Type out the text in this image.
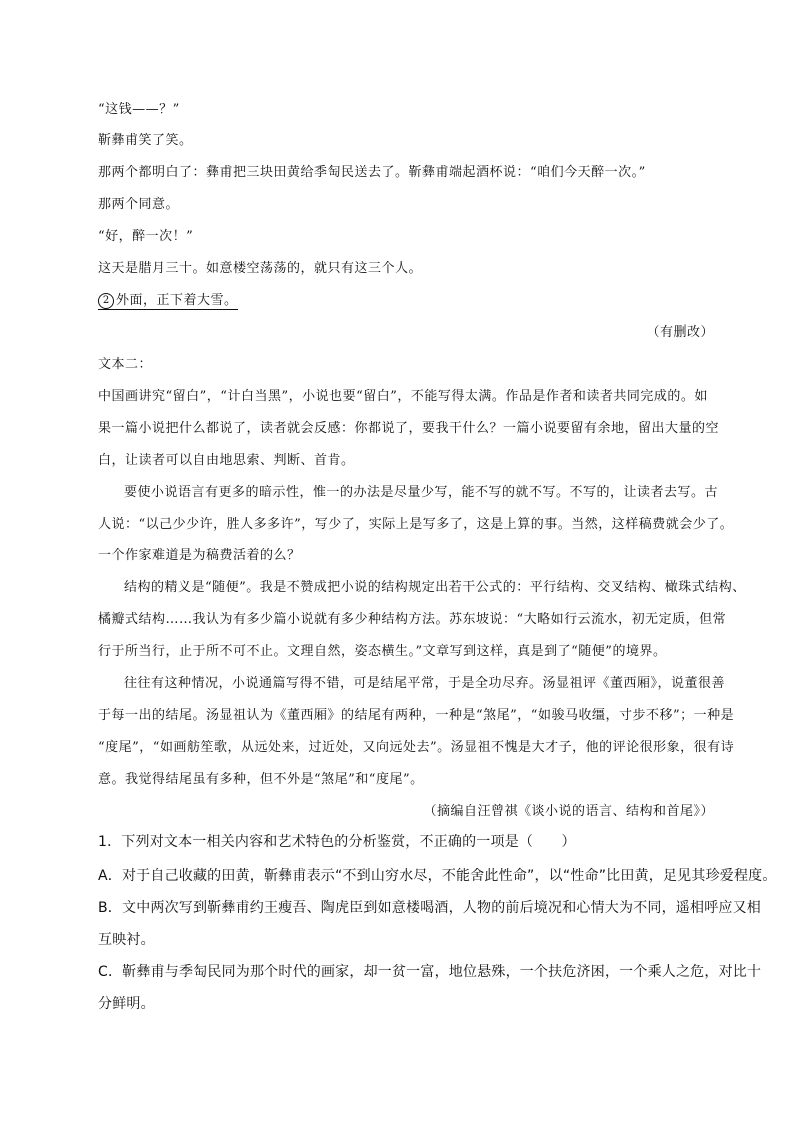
“这钱——？”
靳彝甫笑了笑。
那两个都明白了：彝甫把三块田黄给季匋民送去了。靳彝甫端起酒杯说：“咱们今天醉一次。”
那两个同意。
“好，醉一次！”
这天是腊月三十。如意楼空荡荡的，就只有这三个人。
2 外面，正下着大雪。
（有删改）
文本二：
中国画讲究“留白”，“计白当黑”，小说也要“留白”，不能写得太满。作品是作者和读者共同完成的。如
果一篇小说把什么都说了，读者就会反感：你都说了，要我干什么？一篇小说要留有余地，留出大量的空
白，让读者可以自由地思索、判断、首肯。
要使小说语言有更多的暗示性，惟一的办法是尽量少写，能不写的就不写。不写的，让读者去写。古
人说：“以己少少许，胜人多多许”，写少了，实际上是写多了，这是上算的事。当然，这样稿费就会少了。
一个作家难道是为稿费活着的么？
结构的精义是“随便”。我是不赞成把小说的结构规定出若干公式的：平行结构、交叉结构、橄珠式结构、
橘瓣式结构……我认为有多少篇小说就有多少种结构方法。苏东坡说：“大略如行云流水，初无定质，但常
行于所当行，止于所不可不止。文理自然，姿态横生。”文章写到这样，真是到了“随便”的境界。
往往有这种情况，小说通篇写得不错，可是结尾平常，于是全功尽弃。汤显祖评《董西厢》，说董很善
于每一出的结尾。汤显祖认为《董西厢》的结尾有两种，一种是“煞尾”，“如骏马收缰，寸步不移”；一种是
“度尾”，“如画舫笙歌，从远处来，过近处，又向远处去”。汤显祖不愧是大才子，他的评论很形象，很有诗
意。我觉得结尾虽有多种，但不外是“煞尾”和“度尾”。
（摘编自汪曾祺《谈小说的语言、结构和首尾》）
1．下列对文本一相关内容和艺术特色的分析鉴赏，不正确的一项是（　　）
A．对于自己收藏的田黄，靳彝甫表示“不到山穷水尽，不能舍此性命”，以“性命”比田黄，足见其珍爱程度。
B．文中两次写到靳彝甫约王瘦吾、陶虎臣到如意楼喝酒，人物的前后境况和心情大为不同，遥相呼应又相
互映衬。
C．靳彝甫与季匋民同为那个时代的画家，却一贫一富，地位悬殊，一个扶危济困，一个乘人之危，对比十
分鲜明。
